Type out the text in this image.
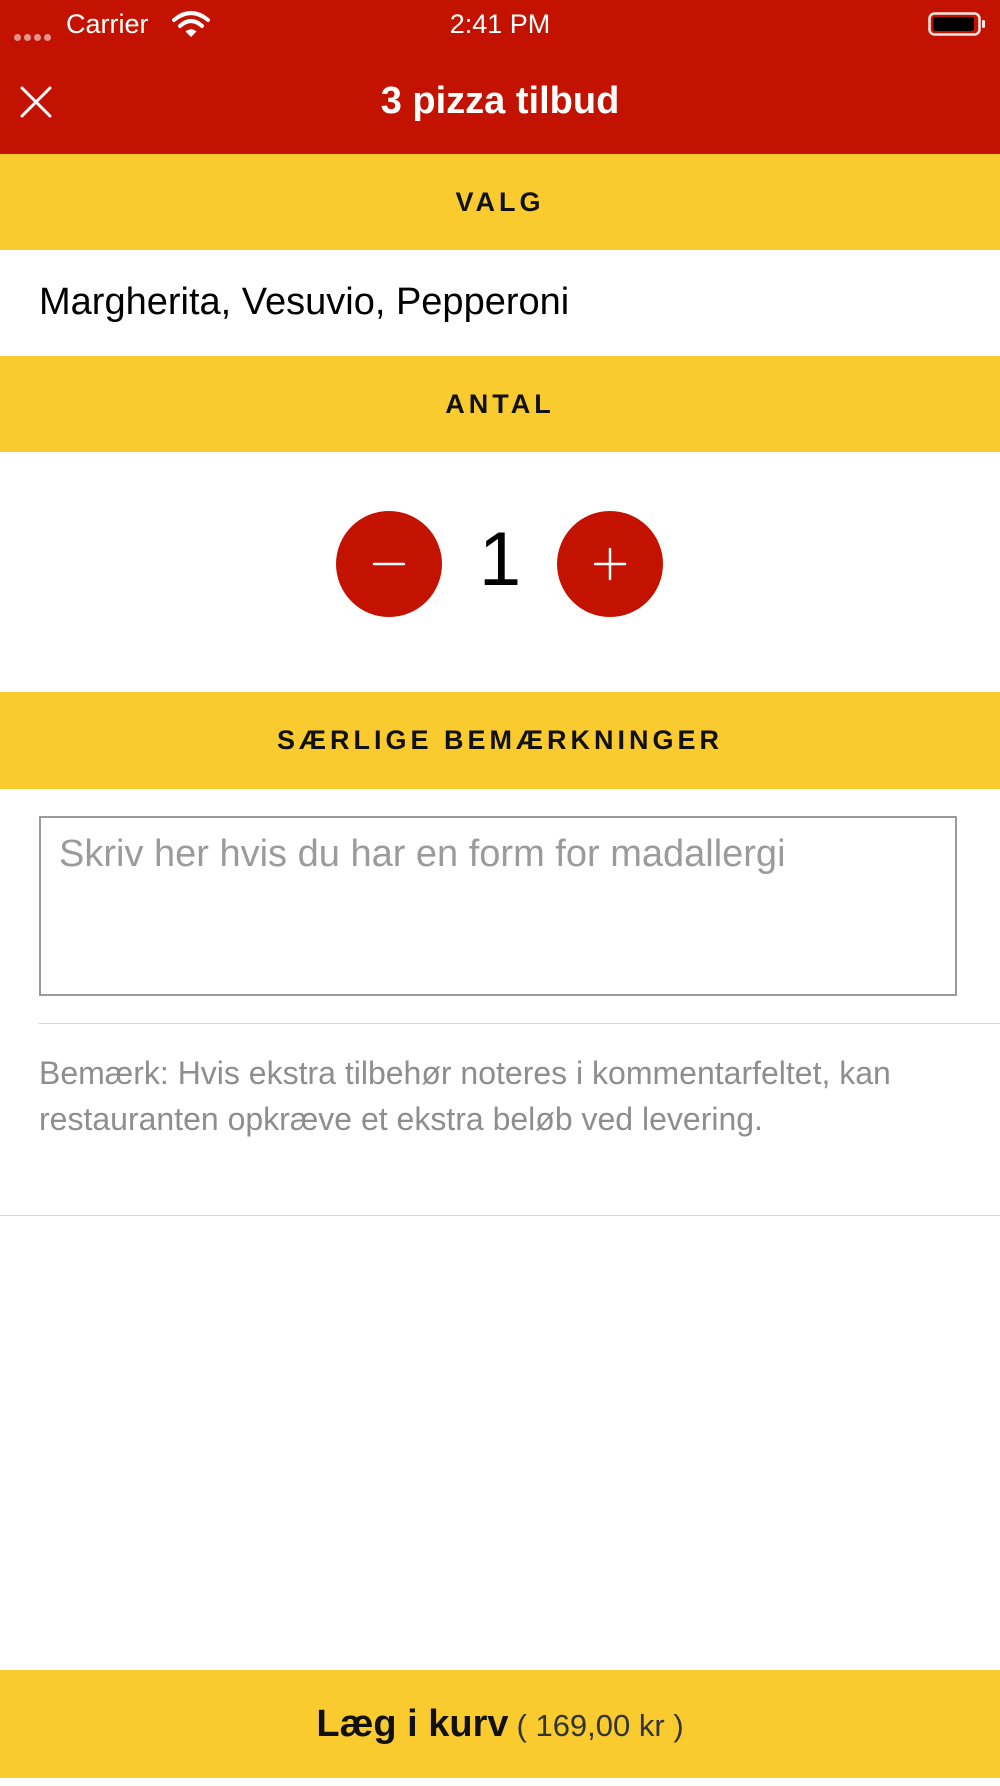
Carrier	2:41 PM
3 pizza tilbud
VALG
Margherita, Vesuvio, Pepperoni
ANTAL
1
SÆRLIGE BEMÆRKNINGER
Skriv her hvis du har en form for madallergi
Bemærk: Hvis ekstra tilbehør noteres i kommentarfeltet, kan restauranten opkræve et ekstra beløb ved levering.
Læg i kurv ( 169,00 kr )
